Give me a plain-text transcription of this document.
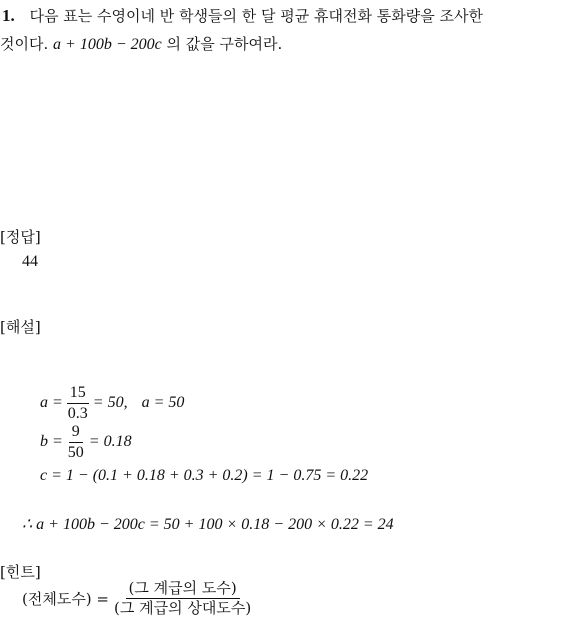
1. 다음 표는 수영이네 반 학생들의 한 달 평균 휴대전화 통화량을 조사한
것이다. a + 100b − 200c 의 값을 구하여라.
[정답]
44
[해설]
$a = \frac{15}{0.3} = 50$, a = 50
$b = \frac{9}{50} = 0.18$
c = 1 − (0.1 + 0.18 + 0.3 + 0.2) = 1 − 0.75 = 0.22
∴ a + 100b − 200c = 50 + 100 × 0.18 − 200 × 0.22 = 24
[힌트]
(전체도수) = $\frac{\text{(그 계급의 도수)}}{\text{(그 계급의 상대도수)}}$
